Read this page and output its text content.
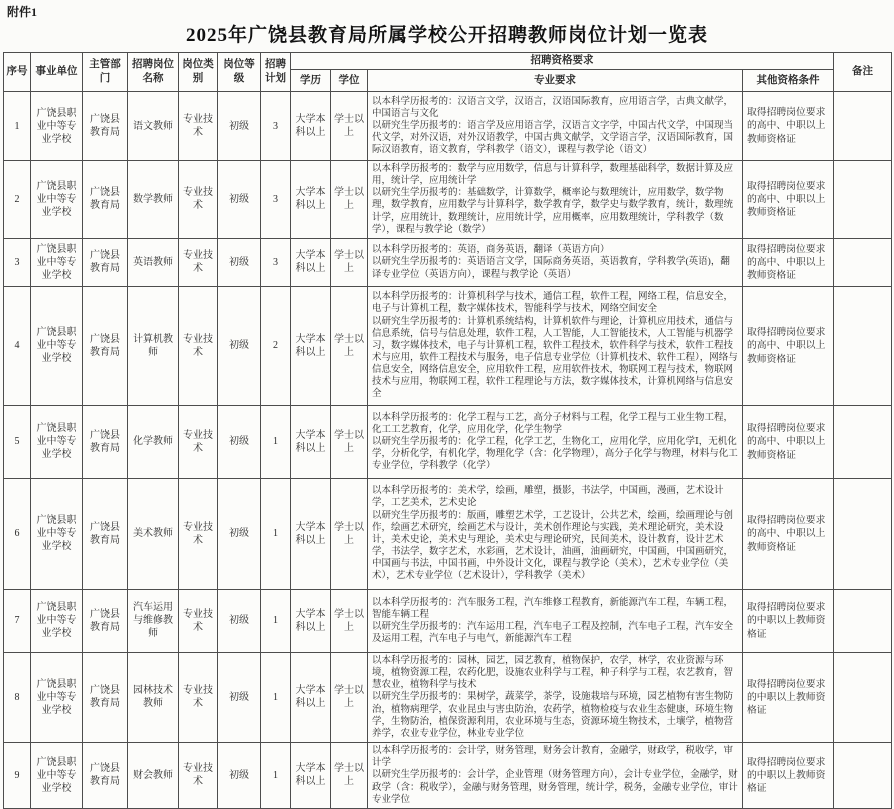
附件1
2025年广饶县教育局所属学校公开招聘教师岗位计划一览表
序号	事业单位	主管部门	招聘岗位名称	岗位类别	岗位等级	招聘计划	招聘资格要求				备注
							学历	学位	专业要求	其他资格条件	
1	广饶县职业中等专业学校	广饶县教育局	语文教师	专业技术	初级	3	大学本科以上	学士以上	以本科学历报考的：汉语言文学，汉语言，汉语国际教育，应用语言学，古典文献学，中国语言与文化
以研究生学历报考的：语言学及应用语言学，汉语言文字学，中国古代文学，中国现当代文学，对外汉语，对外汉语教学，中国古典文献学，文学语言学，汉语国际教育，国际汉语教育，语文教育，学科教学（语文），课程与教学论（语文）	取得招聘岗位要求的高中、中职以上教师资格证	
2	广饶县职业中等专业学校	广饶县教育局	数学教师	专业技术	初级	3	大学本科以上	学士以上	以本科学历报考的：数学与应用数学，信息与计算科学，数理基础科学，数据计算及应用，统计学，应用统计学
以研究生学历报考的：基础数学，计算数学，概率论与数理统计，应用数学，数学物理，数学教育，应用数学与计算科学，数学教育学，数学史与数学教育，统计，数理统计学，应用统计，数理统计，应用统计学，应用概率，应用数理统计，学科教学（数学），课程与教学论（数学）	取得招聘岗位要求的高中、中职以上教师资格证	
3	广饶县职业中等专业学校	广饶县教育局	英语教师	专业技术	初级	3	大学本科以上	学士以上	以本科学历报考的：英语，商务英语，翻译（英语方向）
以研究生学历报考的：英语语言文学，国际商务英语，英语教育，学科教学(英语)，翻译专业学位（英语方向），课程与教学论（英语）	取得招聘岗位要求的高中、中职以上教师资格证	
4	广饶县职业中等专业学校	广饶县教育局	计算机教师	专业技术	初级	2	大学本科以上	学士以上	以本科学历报考的：计算机科学与技术，通信工程，软件工程，网络工程，信息安全，电子与计算机工程，数字媒体技术，智能科学与技术，网络空间安全
以研究生学历报考的：计算机系统结构，计算机软件与理论，计算机应用技术，通信与信息系统，信号与信息处理，软件工程，人工智能，人工智能技术，人工智能与机器学习，数字媒体技术，电子与计算机工程，软件工程技术，软件科学与技术，软件工程技术与应用，软件工程技术与服务，电子信息专业学位（计算机技术、软件工程），网络与信息安全，网络信息安全，应用软件工程，应用软件技术，物联网工程与技术，物联网技术与应用，物联网工程，软件工程理论与方法，数字媒体技术，计算机网络与信息安全	取得招聘岗位要求的高中、中职以上教师资格证	
5	广饶县职业中等专业学校	广饶县教育局	化学教师	专业技术	初级	1	大学本科以上	学士以上	以本科学历报考的：化学工程与工艺，高分子材料与工程，化学工程与工业生物工程，化工工艺教育，化学，应用化学，化学生物学
以研究生学历报考的：化学工程，化学工艺，生物化工，应用化学，应用化学Ⅰ，无机化学，分析化学，有机化学，物理化学（含：化学物理），高分子化学与物理，材料与化工专业学位，学科教学（化学）	取得招聘岗位要求的高中、中职以上教师资格证	
6	广饶县职业中等专业学校	广饶县教育局	美术教师	专业技术	初级	1	大学本科以上	学士以上	以本科学历报考的：美术学，绘画，雕塑，摄影，书法学，中国画，漫画，艺术设计学，工艺美术，艺术史论
以研究生学历报考的：版画，雕塑艺术学，工艺设计，公共艺术，绘画，绘画理论与创作，绘画艺术研究，绘画艺术与设计，美术创作理论与实践，美术理论研究，美术设计，美术史论，美术史与理论，美术史与理论研究，民间美术，设计教育，设计艺术学，书法学，数字艺术，水彩画，艺术设计，油画，油画研究，中国画，中国画研究，中国画与书法，中国书画，中外设计文化，课程与教学论（美术），艺术专业学位（美术），艺术专业学位（艺术设计），学科教学（美术）	取得招聘岗位要求的高中、中职以上教师资格证	
7	广饶县职业中等专业学校	广饶县教育局	汽车运用与维修教师	专业技术	初级	1	大学本科以上	学士以上	以本科学历报考的：汽车服务工程，汽车维修工程教育，新能源汽车工程，车辆工程，智能车辆工程
以研究生学历报考的：汽车运用工程，汽车电子工程及控制，汽车电子工程，汽车安全及运用工程，汽车电子与电气，新能源汽车工程	取得招聘岗位要求的中职以上教师资格证	
8	广饶县职业中等专业学校	广饶县教育局	园林技术教师	专业技术	初级	1	大学本科以上	学士以上	以本科学历报考的：园林，园艺，园艺教育，植物保护，农学，林学，农业资源与环境，植物资源工程，农药化肥，设施农业科学与工程，种子科学与工程，农艺教育，智慧农业，植物科学与技术
以研究生学历报考的：果树学，蔬菜学，茶学，设施栽培与环境，园艺植物有害生物防治，植物病理学，农业昆虫与害虫防治，农药学，植物检疫与农业生态健康，环境生物学，生物防治，植保资源利用，农业环境与生态，资源环境生物技术，土壤学，植物营养学，农业专业学位，林业专业学位	取得招聘岗位要求的中职以上教师资格证	
9	广饶县职业中等专业学校	广饶县教育局	财会教师	专业技术	初级	1	大学本科以上	学士以上	以本科学历报考的：会计学，财务管理，财务会计教育，金融学，财政学，税收学，审计学
以研究生学历报考的：会计学，企业管理（财务管理方向），会计专业学位，金融学，财政学（含：税收学），金融与财务管理，财务管理，统计学，税务，金融专业学位，审计专业学位	取得招聘岗位要求的中职以上教师资格证	
